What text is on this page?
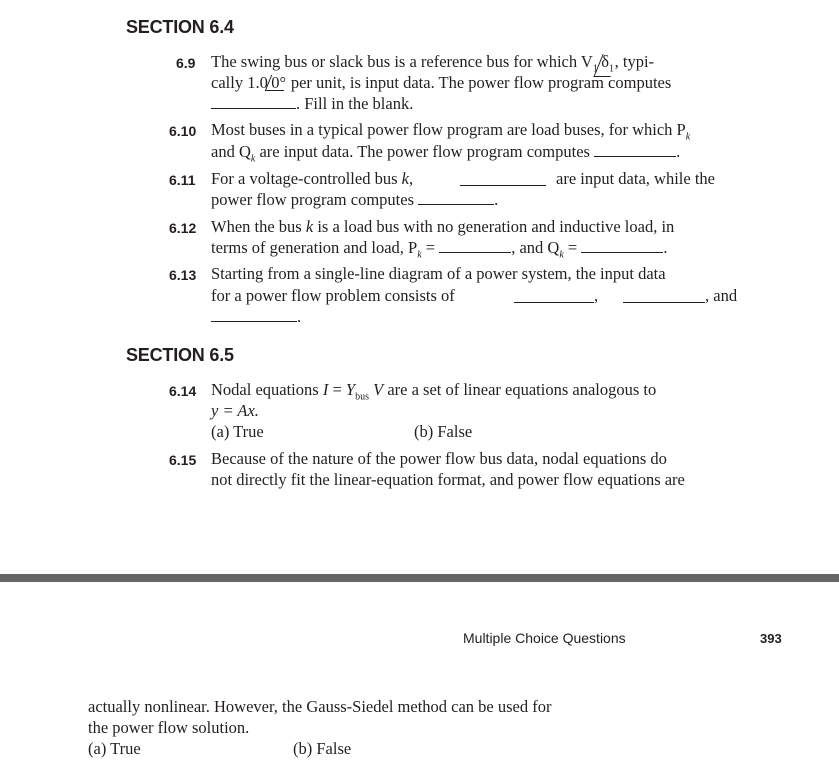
SECTION 6.4
6.9 The swing bus or slack bus is a reference bus for which $V_1$ $\delta_1$, typi-
cally 1.0 0° per unit, is input data. The power flow program computes
. Fill in the blank.
6.10 Most buses in a typical power flow program are load buses, for which $P_k$
and $Q_k$ are input data. The power flow program computes	.
6.11 For a voltage-controlled bus k,	are input data, while the
power flow program computes	.
6.12 When the bus k is a load bus with no generation and inductive load, in
terms of generation and load, $P_k$ =	, and $Q_k$ =	.
6.13 Starting from a single-line diagram of a power system, the input data
for a power flow problem consists of	,	, and
.
SECTION 6.5
6.14 Nodal equations $I = Y_{bus}$ V are a set of linear equations analogous to
y = Ax.
(a) True	(b) False
6.15 Because of the nature of the power flow bus data, nodal equations do
not directly fit the linear-equation format, and power flow equations are
Multiple Choice Questions	393
actually nonlinear. However, the Gauss-Siedel method can be used for
the power flow solution.
(a) True	(b) False
